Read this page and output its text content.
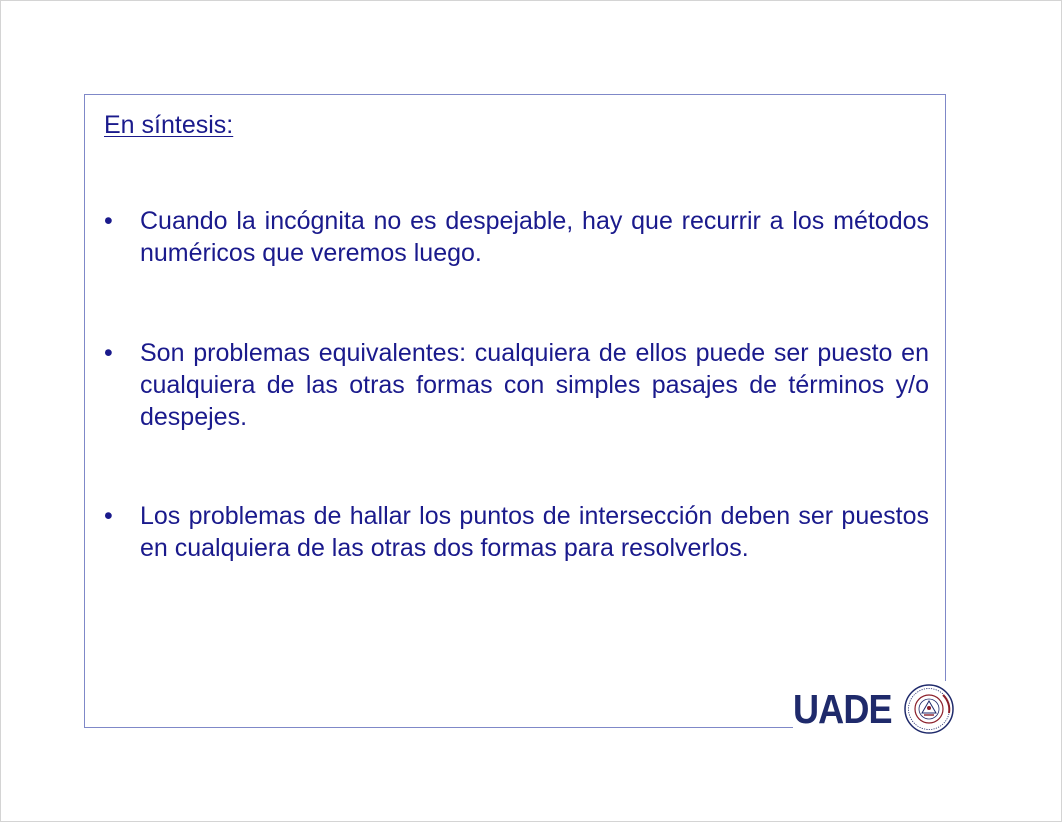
En síntesis:
•	Cuando la incógnita no es despejable, hay que recurrir a los métodos numéricos que veremos luego.
•	Son problemas equivalentes: cualquiera de ellos puede ser puesto en cualquiera de las otras formas con simples pasajes de términos y/o despejes.
•	Los problemas de hallar los puntos de intersección deben ser puestos en cualquiera de las otras dos formas para resolverlos.
UADE
